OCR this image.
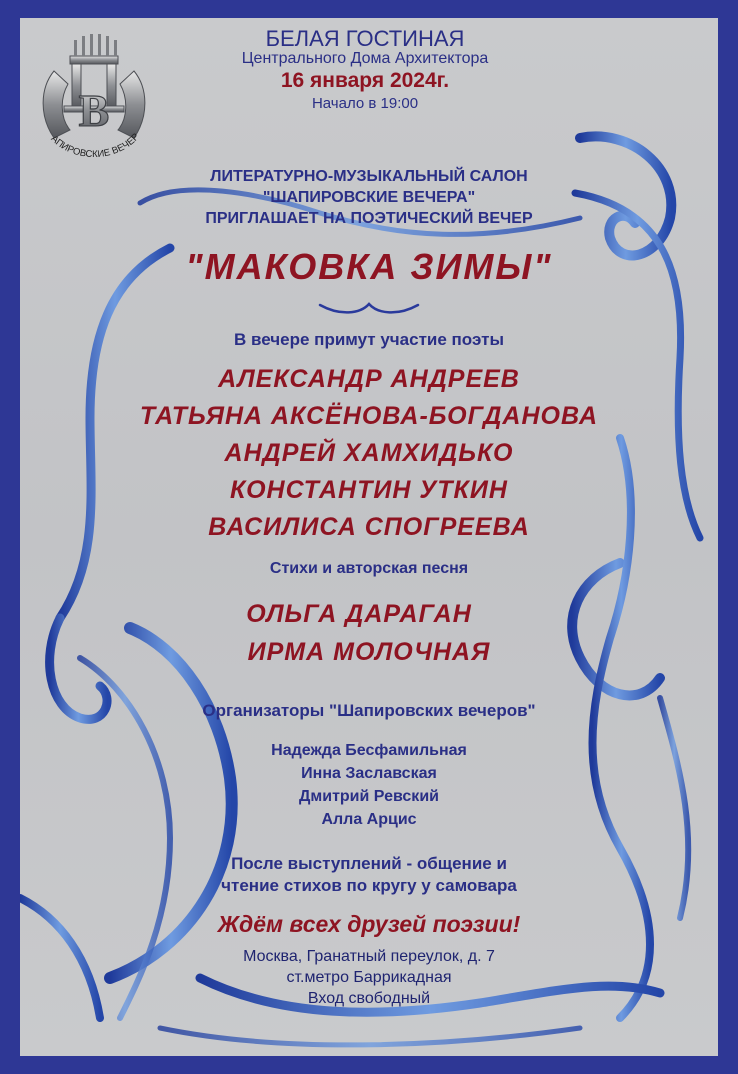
B
АПИРОВСКИЕ ВЕЧЕР
БЕЛАЯ ГОСТИНАЯ
Центрального Дома Архитектора
16 января 2024г.
Начало в 19:00

ЛИТЕРАТУРНО-МУЗЫКАЛЬНЫЙ САЛОН

"ШАПИРОВСКИЕ ВЕЧЕРА"

ПРИГЛАШАЕТ НА ПОЭТИЧЕСКИЙ ВЕЧЕР

"МАКОВКА ЗИМЫ"

В вечере примут участие поэты

АЛЕКСАНДР АНДРЕЕВ

ТАТЬЯНА АКСЁНОВА-БОГДАНОВА

АНДРЕЙ ХАМХИДЬКО

КОНСТАНТИН УТКИН

ВАСИЛИСА СПОГРЕЕВА

Стихи и авторская песня

ОЛЬГА ДАРАГАН

ИРМА МОЛОЧНАЯ

Организаторы "Шапировских вечеров"

Надежда Бесфамильная

Инна Заславская

Дмитрий Ревский

Алла Арцис

После выступлений - общение и

чтение стихов по кругу у самовара

Ждём всех друзей поэзии!

Москва, Гранатный переулок, д. 7

ст.метро Баррикадная

Вход свободный
